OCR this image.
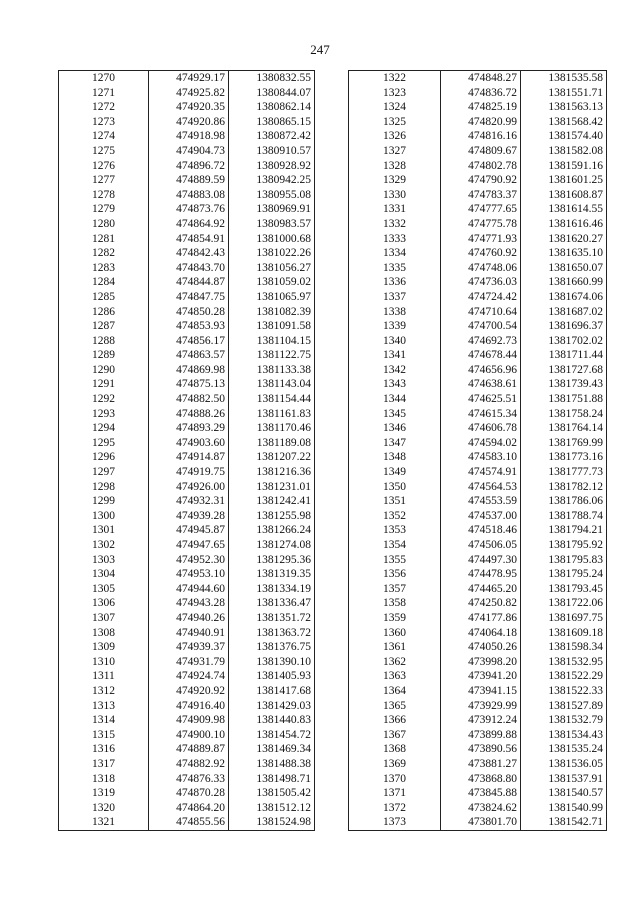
247
1270	474929.17	1380832.55
1271	474925.82	1380844.07
1272	474920.35	1380862.14
1273	474920.86	1380865.15
1274	474918.98	1380872.42
1275	474904.73	1380910.57
1276	474896.72	1380928.92
1277	474889.59	1380942.25
1278	474883.08	1380955.08
1279	474873.76	1380969.91
1280	474864.92	1380983.57
1281	474854.91	1381000.68
1282	474842.43	1381022.26
1283	474843.70	1381056.27
1284	474844.87	1381059.02
1285	474847.75	1381065.97
1286	474850.28	1381082.39
1287	474853.93	1381091.58
1288	474856.17	1381104.15
1289	474863.57	1381122.75
1290	474869.98	1381133.38
1291	474875.13	1381143.04
1292	474882.50	1381154.44
1293	474888.26	1381161.83
1294	474893.29	1381170.46
1295	474903.60	1381189.08
1296	474914.87	1381207.22
1297	474919.75	1381216.36
1298	474926.00	1381231.01
1299	474932.31	1381242.41
1300	474939.28	1381255.98
1301	474945.87	1381266.24
1302	474947.65	1381274.08
1303	474952.30	1381295.36
1304	474953.10	1381319.35
1305	474944.60	1381334.19
1306	474943.28	1381336.47
1307	474940.26	1381351.72
1308	474940.91	1381363.72
1309	474939.37	1381376.75
1310	474931.79	1381390.10
1311	474924.74	1381405.93
1312	474920.92	1381417.68
1313	474916.40	1381429.03
1314	474909.98	1381440.83
1315	474900.10	1381454.72
1316	474889.87	1381469.34
1317	474882.92	1381488.38
1318	474876.33	1381498.71
1319	474870.28	1381505.42
1320	474864.20	1381512.12
1321	474855.56	1381524.98
1322	474848.27	1381535.58
1323	474836.72	1381551.71
1324	474825.19	1381563.13
1325	474820.99	1381568.42
1326	474816.16	1381574.40
1327	474809.67	1381582.08
1328	474802.78	1381591.16
1329	474790.92	1381601.25
1330	474783.37	1381608.87
1331	474777.65	1381614.55
1332	474775.78	1381616.46
1333	474771.93	1381620.27
1334	474760.92	1381635.10
1335	474748.06	1381650.07
1336	474736.03	1381660.99
1337	474724.42	1381674.06
1338	474710.64	1381687.02
1339	474700.54	1381696.37
1340	474692.73	1381702.02
1341	474678.44	1381711.44
1342	474656.96	1381727.68
1343	474638.61	1381739.43
1344	474625.51	1381751.88
1345	474615.34	1381758.24
1346	474606.78	1381764.14
1347	474594.02	1381769.99
1348	474583.10	1381773.16
1349	474574.91	1381777.73
1350	474564.53	1381782.12
1351	474553.59	1381786.06
1352	474537.00	1381788.74
1353	474518.46	1381794.21
1354	474506.05	1381795.92
1355	474497.30	1381795.83
1356	474478.95	1381795.24
1357	474465.20	1381793.45
1358	474250.82	1381722.06
1359	474177.86	1381697.75
1360	474064.18	1381609.18
1361	474050.26	1381598.34
1362	473998.20	1381532.95
1363	473941.20	1381522.29
1364	473941.15	1381522.33
1365	473929.99	1381527.89
1366	473912.24	1381532.79
1367	473899.88	1381534.43
1368	473890.56	1381535.24
1369	473881.27	1381536.05
1370	473868.80	1381537.91
1371	473845.88	1381540.57
1372	473824.62	1381540.99
1373	473801.70	1381542.71
